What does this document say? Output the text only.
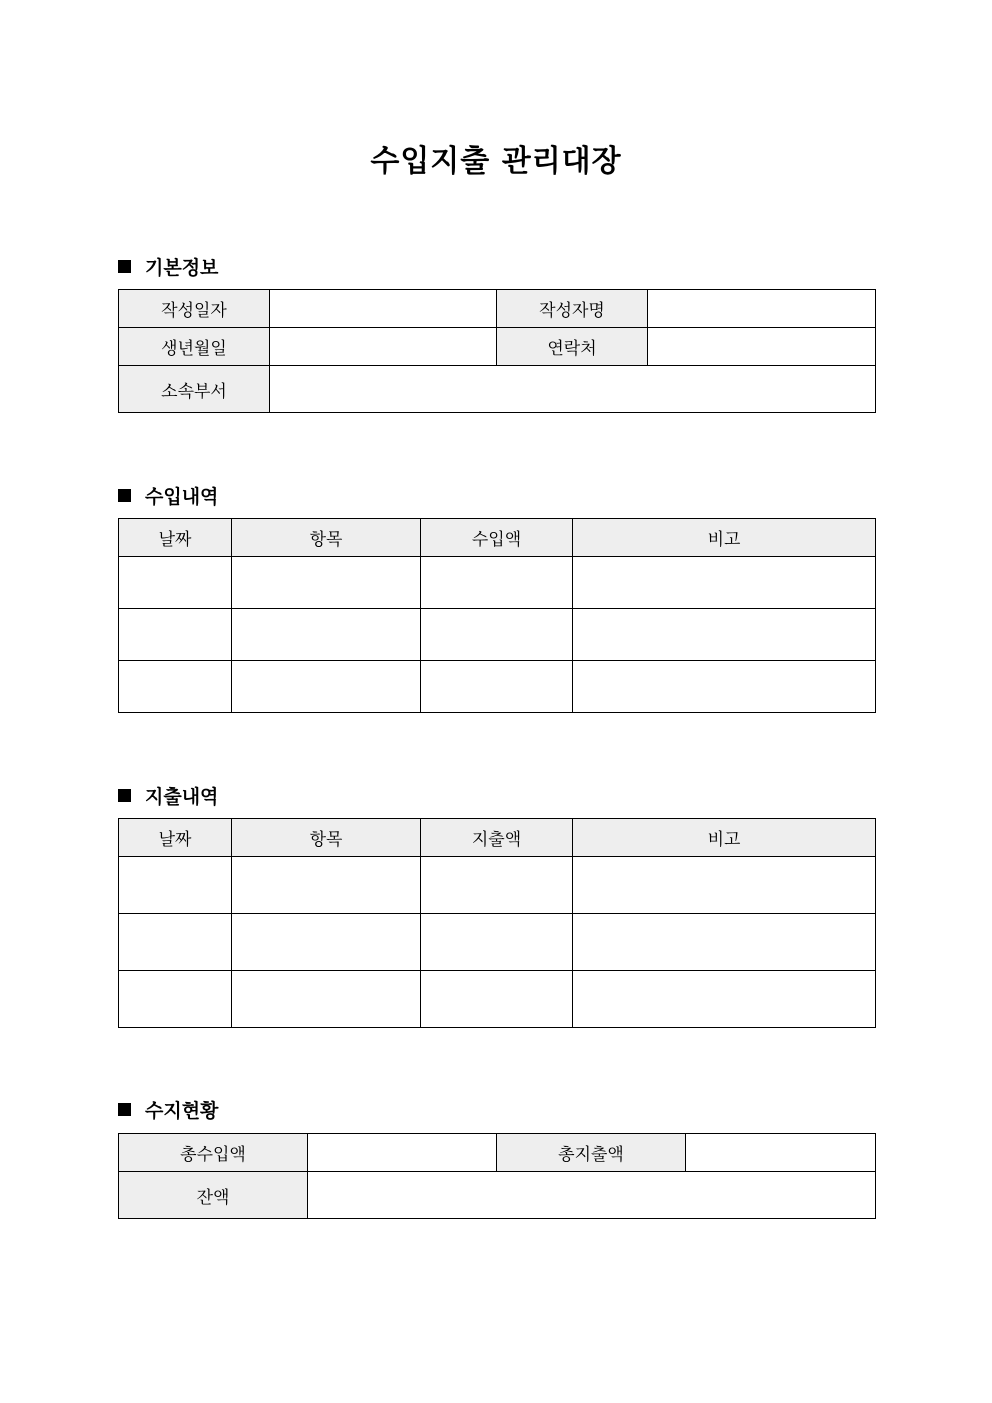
수입지출 관리대장
기본정보
작성일자		작성자명	
생년월일		연락처	
소속부서			
수입내역
날짜	항목	수입액	비고

지출내역
날짜	항목	지출액	비고

수지현황
총수입액		총지출액	
잔액			
